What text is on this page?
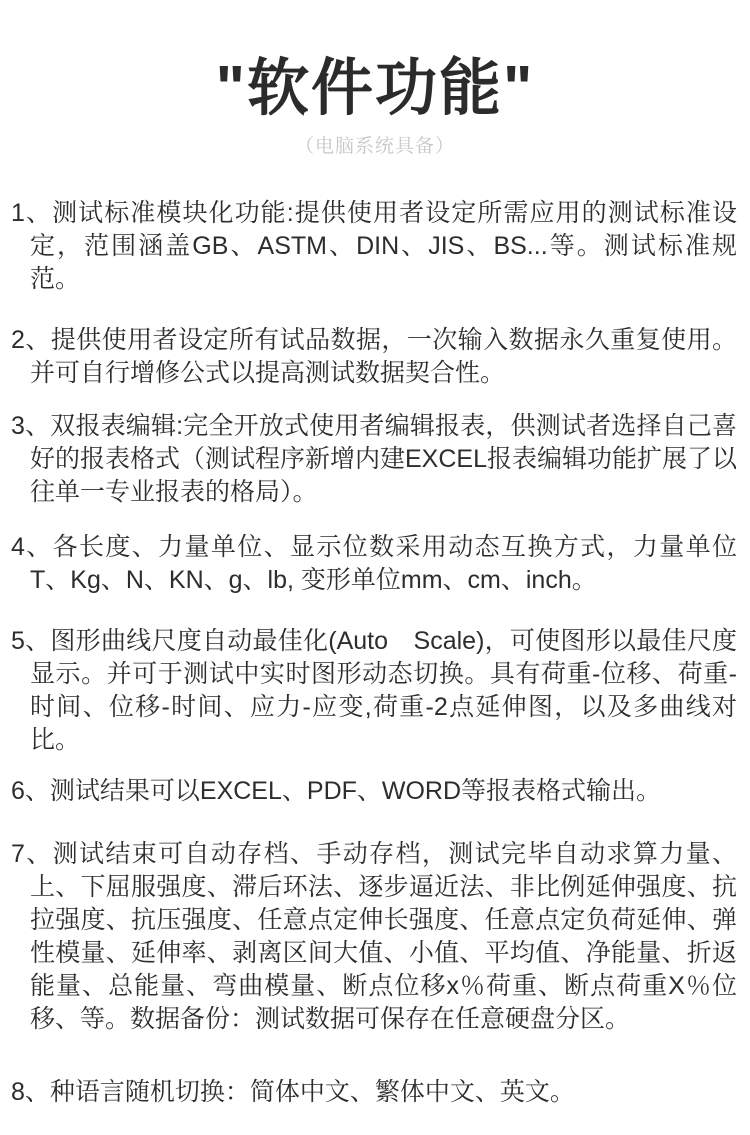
"软件功能"
（电脑系统具备）
1、测试标准模块化功能:提供使用者设定所需应用的测试标准设定，范围涵盖GB、ASTM、DIN、JIS、BS...等。测试标准规范。
2、提供使用者设定所有试品数据，一次输入数据永久重复使用。并可自行增修公式以提高测试数据契合性。
3、双报表编辑:完全开放式使用者编辑报表，供测试者选择自己喜好的报表格式（测试程序新增内建EXCEL报表编辑功能扩展了以往单一专业报表的格局）。
4、各长度、力量单位、显示位数采用动态互换方式，力量单位T、Kg、N、KN、g、lb, 变形单位mm、cm、inch。
5、图形曲线尺度自动最佳化(Auto　Scale)，可使图形以最佳尺度显示。并可于测试中实时图形动态切换。具有荷重-位移、荷重-时间、位移-时间、应力-应变,荷重-2点延伸图，以及多曲线对比。
6、测试结果可以EXCEL、PDF、WORD等报表格式输出。
7、测试结束可自动存档、手动存档，测试完毕自动求算力量、上、下屈服强度、滞后环法、逐步逼近法、非比例延伸强度、抗拉强度、抗压强度、任意点定伸长强度、任意点定负荷延伸、弹性模量、延伸率、剥离区间大值、小值、平均值、净能量、折返能量、总能量、弯曲模量、断点位移x％荷重、断点荷重X％位移、等。数据备份：测试数据可保存在任意硬盘分区。
8、种语言随机切换：简体中文、繁体中文、英文。
